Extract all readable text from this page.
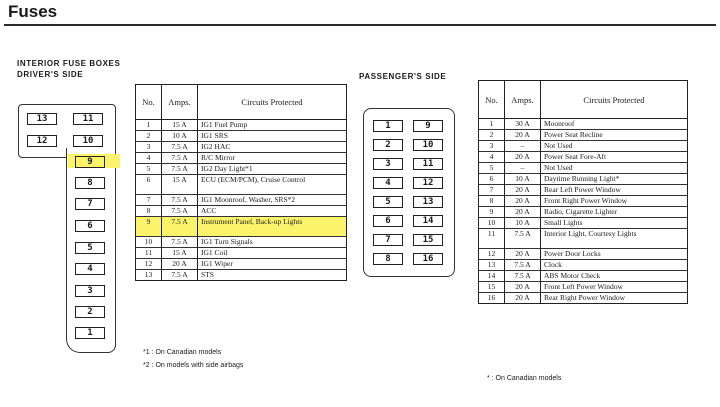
Fuses
INTERIOR FUSE BOXES
DRIVER'S SIDE	PASSENGER'S SIDE
13	11
12	10
9
8
7
6
5
4
3
2
1
1	9
2	10
3	11
4	12
5	13
6	14
7	15
8	16
No.	Amps.	Circuits Protected
1	15 A	IG1 Fuel Pump
2	10 A	IG1 SRS
3	7.5 A	IG2 HAC
4	7.5 A	R/C Mirror
5	7.5 A	IG2 Day Light*1
6	15 A	ECU (ECM/PCM), Cruise Control
7	7.5 A	IG1 Moonroof, Washer, SRS*2
8	7.5 A	ACC
9	7.5 A	Instrument Panel, Back-up Lights
10	7.5 A	IG1 Turn Signals
11	15 A	IG1 Coil
12	20 A	IG1 Wiper
13	7.5 A	STS
No.	Amps.	Circuits Protected
1	30 A	Moonroof
2	20 A	Power Seat Recline
3	–	Not Used
4	20 A	Power Seat Fore-Aft
5	–	Not Used
6	10 A	Daytime Running Light*
7	20 A	Rear Left Power Window
8	20 A	Front Right Power Window
9	20 A	Radio, Cigarette Lighter
10	10 A	Small Lights
11	7.5 A	Interior Light, Courtesy Lights
12	20 A	Power Door Locks
13	7.5 A	Clock
14	7.5 A	ABS Motor Check
15	20 A	Front Left Power Window
16	20 A	Rear Right Power Window
*1 : On Canadian models
*2 : On models with side airbags
* : On Canadian models
